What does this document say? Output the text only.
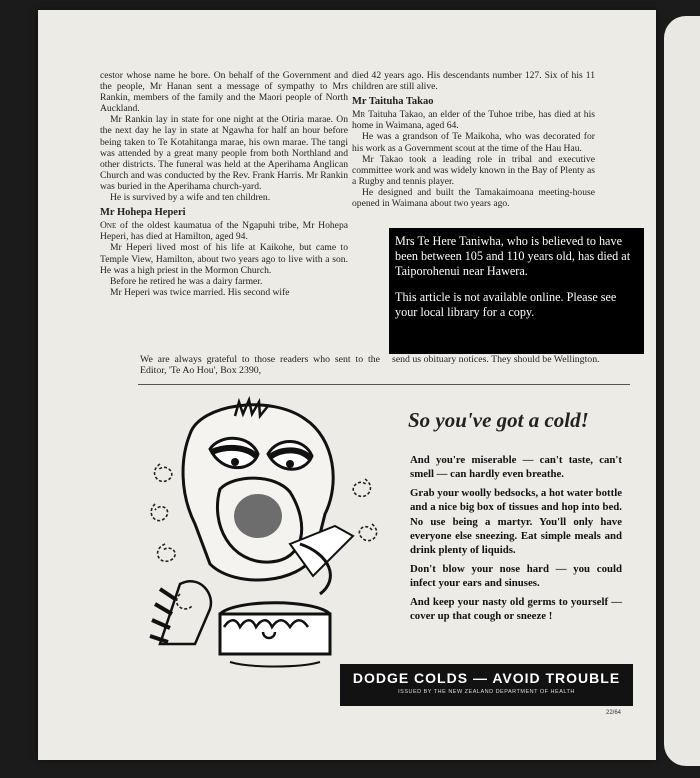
cestor whose name he bore. On behalf of the Government and the people, Mr Hanan sent a message of sympathy to Mrs Rankin, members of the family and the Maori people of North Auckland.

Mr Rankin lay in state for one night at the Otiria marae. On the next day he lay in state at Ngawha for half an hour before being taken to Te Kotahitanga marae, his own marae. The tangi was attended by a great many people from both Northland and other districts. The funeral was held at the Aperihama Anglican Church and was conducted by the Rev. Frank Harris. Mr Rankin was buried in the Aperihama church-yard.

He is survived by a wife and ten children.

Mr Hohepa Heperi

One of the oldest kaumatua of the Ngapuhi tribe, Mr Hohepa Heperi, has died at Hamilton, aged 94.

Mr Heperi lived most of his life at Kaikohe, but came to Temple View, Hamilton, about two years ago to live with a son. He was a high priest in the Mormon Church.

Before he retired he was a dairy farmer.

Mr Heperi was twice married. His second wife

died 42 years ago. His descendants number 127. Six of his 11 children are still alive.

Mr Taituha Takao

Mr Taituha Takao, an elder of the Tuhoe tribe, has died at his home in Waimana, aged 64.

He was a grandson of Te Maikoha, who was decorated for his work as a Government scout at the time of the Hau Hau.

Mr Takao took a leading role in tribal and executive committee work and was widely known in the Bay of Plenty as a Rugby and tennis player.

He designed and built the Tamakaimoana meeting-house opened in Waimana about two years ago.

Mrs Te Here Taniwha, who is believed to have been between 105 and 110 years old, has died at Taiporohenui near Hawera.

This article is not available online. Please see your local library for a copy.

We are always grateful to those readers who sent to the Editor, 'Te Ao Hou', Box 2390,
send us obituary notices. They should be Wellington.
So you've got a cold!

And you're miserable — can't taste, can't smell — can hardly even breathe.

Grab your woolly bedsocks, a hot water bottle and a nice big box of tissues and hop into bed. No use being a martyr. You'll only have everyone else sneezing. Eat simple meals and drink plenty of liquids.

Don't blow your nose hard — you could infect your ears and sinuses.

And keep your nasty old germs to yourself — cover up that cough or sneeze !

DODGE COLDS — AVOID TROUBLE
ISSUED BY THE NEW ZEALAND DEPARTMENT OF HEALTH
22/64
